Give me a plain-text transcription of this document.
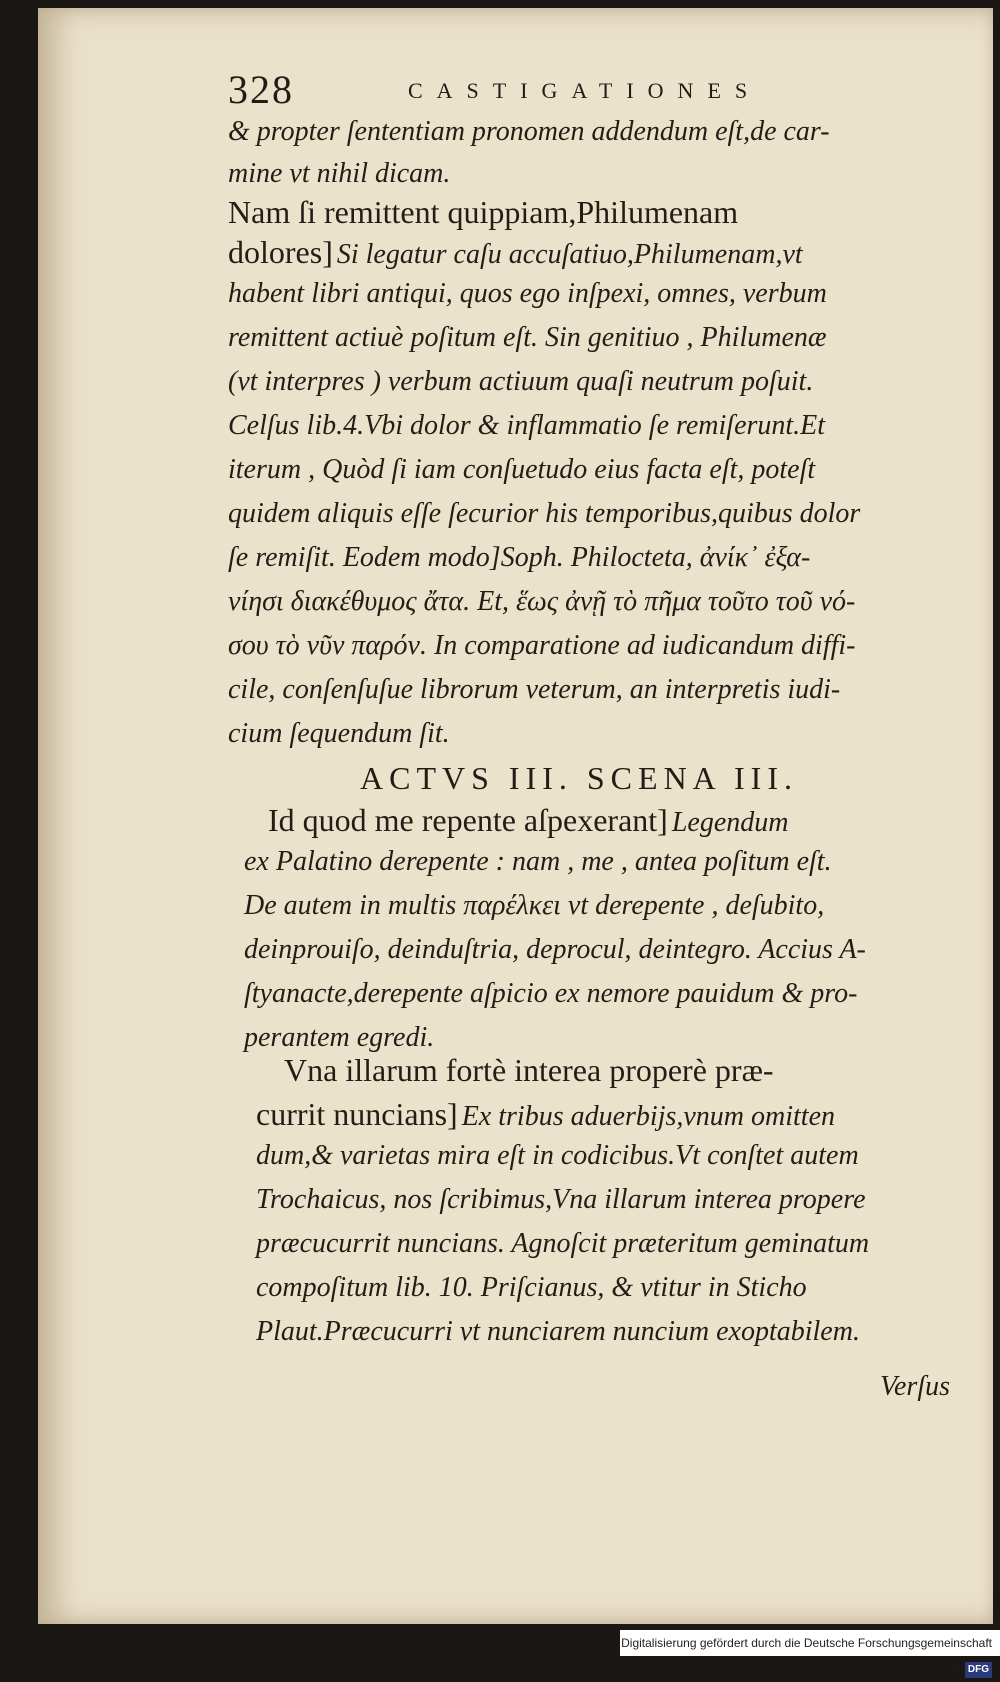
328	CASTIGATIONES

& propter ſententiam pronomen addendum eſt,de car-

mine vt nihil dicam.

Nam ſi remittent quippiam,Philumenam

dolores] Si legatur caſu accuſatiuo,Philumenam,vt

habent libri antiqui, quos ego inſpexi, omnes, verbum

remittent actiuè poſitum eſt. Sin genitiuo , Philumenæ

(vt interpres ) verbum actiuum quaſi neutrum poſuit.

Celſus lib.4.Vbi dolor & inflammatio ſe remiſerunt.Et

iterum , Quòd ſi iam conſuetudo eius facta eſt, poteſt

quidem aliquis eſſe ſecurior his temporibus,quibus dolor

ſe remiſit. Eodem modo]Soph. Philoctetа, ἀνίκ᾽ ἐξα-

νίησι διακέθυμος ἄτα. Et, ἕως ἀνῇ τὸ πῆμα τοῦτο τοῦ νό-

σου τὸ νῦν παρόν. In comparatione ad iudicandum diffi-

cile, conſenſuſue librorum veterum, an interpretis iudi-

cium ſequendum ſit.

ACTVS III. SCENA III.

Id quod me repente aſpexerant] Legendum

ex Palatino derepente : nam , me , antea poſitum eſt.

De autem in multis παρέλκει vt derepente , deſubito,

deinprouiſo, deinduſtria, deprocul, deintegro. Accius A-

ſtyanacte,derepente aſpicio ex nemore pauidum & pro-

perantem egredi.

Vna illarum fortè interea properè præ-

currit nuncians] Ex tribus aduerbijs,vnum omitten

dum,& varietas mira eſt in codicibus.Vt conſtet autem

Trochaicus, nos ſcribimus,Vna illarum interea propere

præcucurrit nuncians. Agnoſcit præteritum geminatum

compoſitum lib. 10. Priſcianus, & vtitur in Sticho

Plaut.Præcucurri vt nunciarem nuncium exoptabilem.

Verſus
Digitalisierung gefördert durch die Deutsche Forschungsgemeinschaft · DFG
